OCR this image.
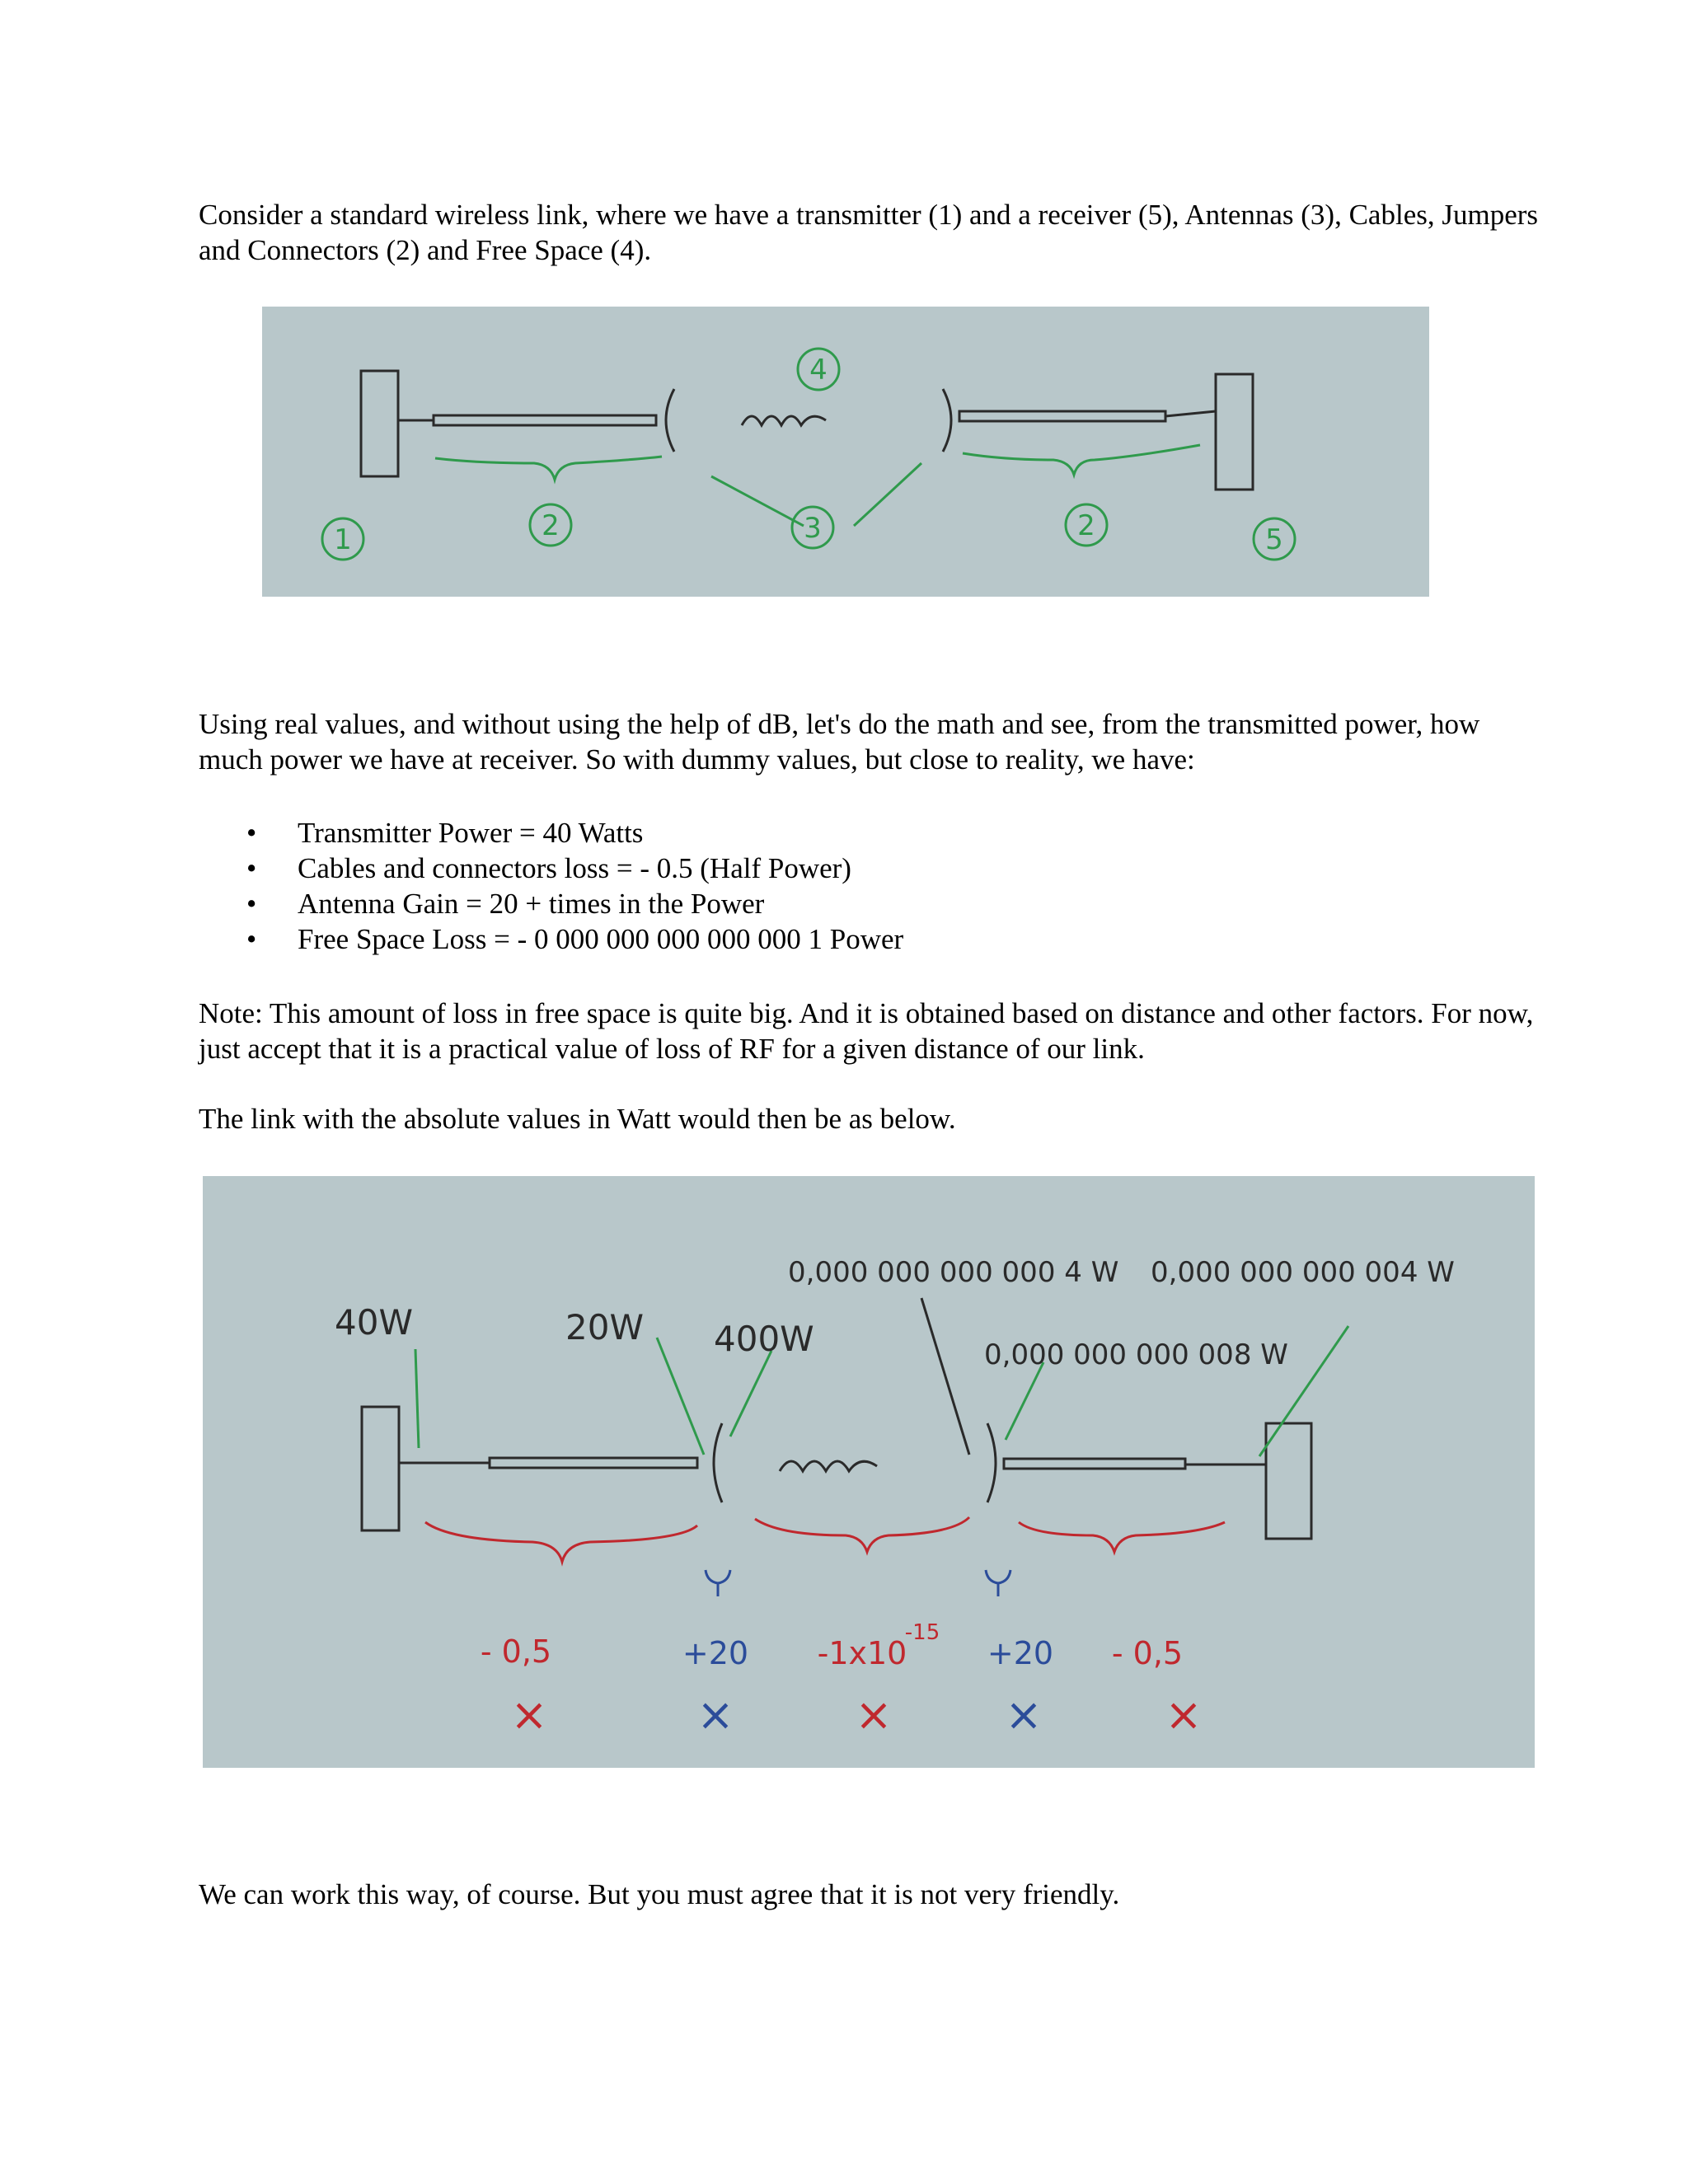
Consider a standard wireless link, where we have a transmitter (1) and a receiver (5), Antennas (3), Cables, Jumpers and Connectors (2) and Free Space (4).

1	2	3
4
2	5

Using real values, and without using the help of dB, let's do the math and see, from the transmitted power, how much power we have at receiver. So with dummy values, but close to reality, we have:

• Transmitter Power = 40 Watts
• Cables and connectors loss = - 0.5 (Half Power)
• Antenna Gain = 20 + times in the Power
• Free Space Loss = - 0 000 000 000 000 000 1 Power

Note: This amount of loss in free space is quite big. And it is obtained based on distance and other factors. For now, just accept that it is a practical value of loss of RF for a given distance of our link.

The link with the absolute values in Watt would then be as below.

40W	20W 400W
0,000 000 000 000 4 W 0,000 000 000 004 W
0,000 000 000 008 W
- 0,5	+20 -1x10
-15
+20 - 0,5
×	×	×	×	×

We can work this way, of course. But you must agree that it is not very friendly.
